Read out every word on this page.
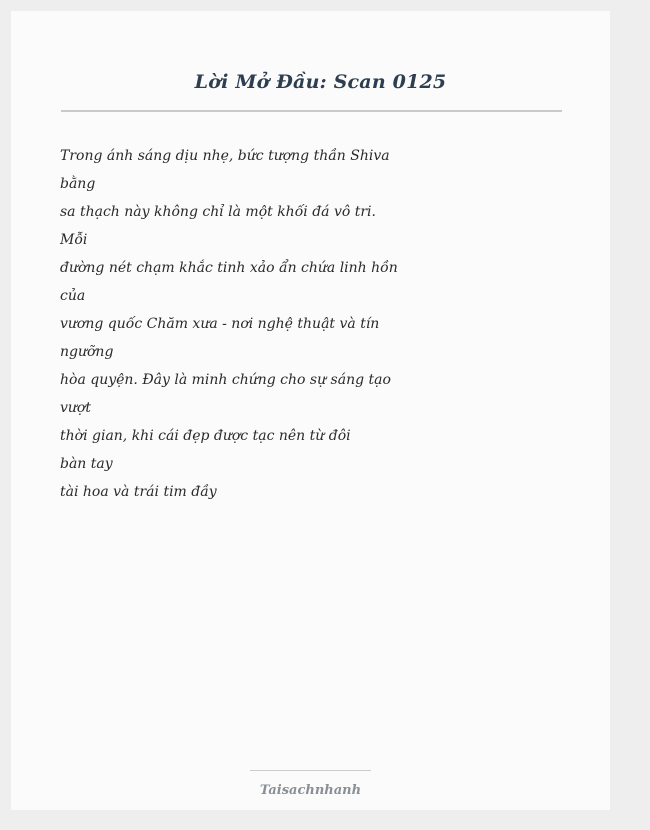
Lời Mở Đầu: Scan 0125
Trong ánh sáng dịu nhẹ, bức tượng thần Shiva
bằng
sa thạch này không chỉ là một khối đá vô tri.
Mỗi
đường nét chạm khắc tinh xảo ẩn chứa linh hồn
của
vương quốc Chăm xưa - nơi nghệ thuật và tín
ngưỡng
hòa quyện. Đây là minh chứng cho sự sáng tạo
vượt
thời gian, khi cái đẹp được tạc nên từ đôi
bàn tay
tài hoa và trái tim đầy
Taisachnhanh
